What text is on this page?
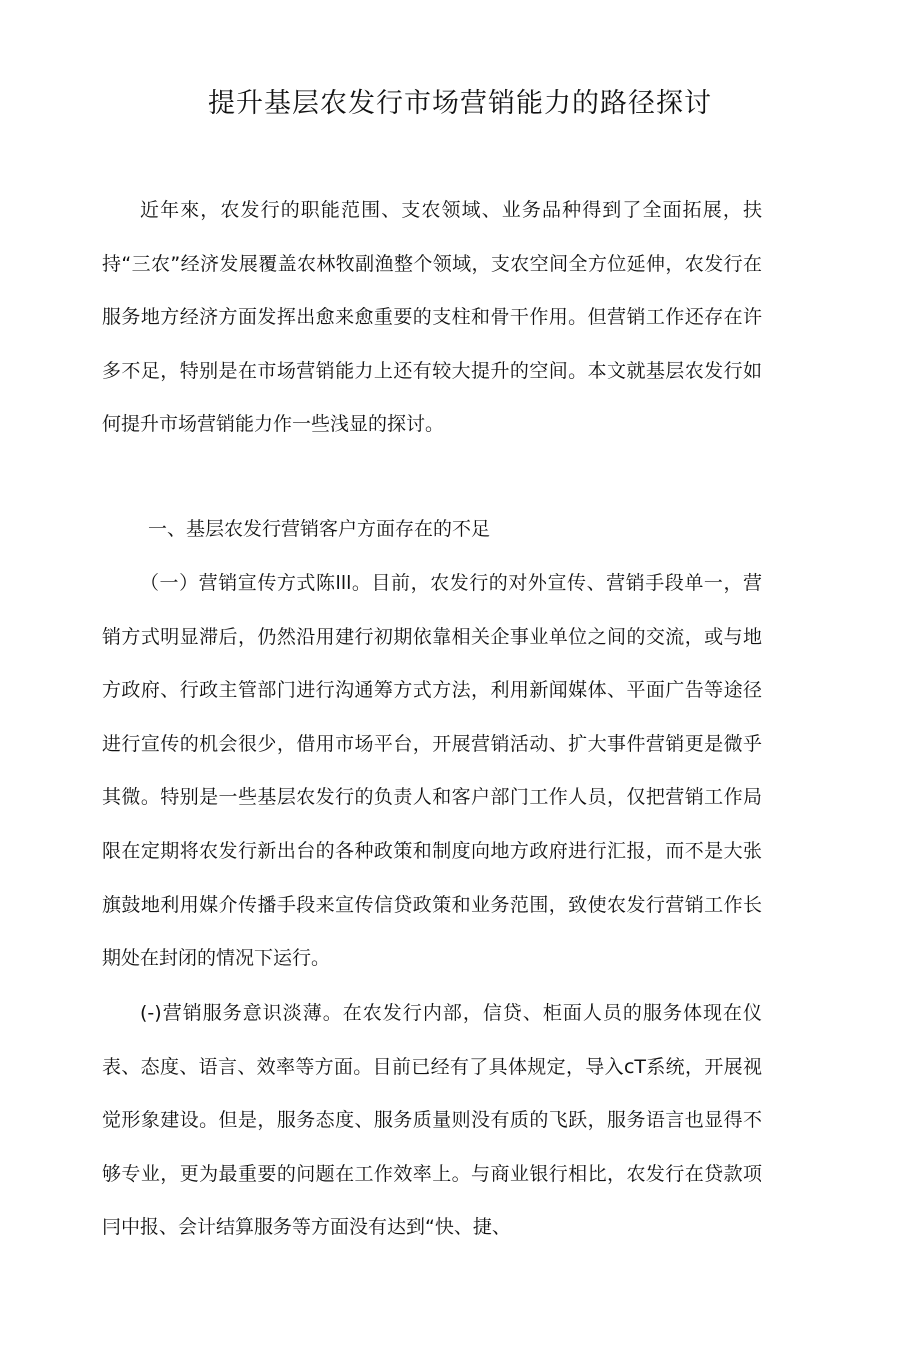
提升基层农发行市场营销能力的路径探讨

近年來，农发行的职能范围、支农领域、业务品种得到了全面拓展，扶持“三农”经济发展覆盖农林牧副渔整个领域，支农空间全方位延伸，农发行在服务地方经济方面发挥出愈来愈重要的支柱和骨干作用。但营销工作还存在许多不足，特别是在市场营销能力上还有较大提升的空间。本文就基层农发行如何提升市场营销能力作一些浅显的探讨。

一、基层农发行营销客户方面存在的不足

（一）营销宣传方式陈lll。目前，农发行的对外宣传、营销手段单一，营销方式明显滞后，仍然沿用建行初期依靠相关企事业单位之间的交流，或与地方政府、行政主管部门进行沟通筹方式方法，利用新闻媒体、平面广告等途径进行宣传的机会很少，借用市场平台，开展营销活动、扩大事件营销更是微乎其微。特别是一些基层农发行的负责人和客户部门工作人员，仅把营销工作局限在定期将农发行新出台的各种政策和制度向地方政府进行汇报，而不是大张旗鼓地利用媒介传播手段来宣传信贷政策和业务范围，致使农发行营销工作长期处在封闭的情况下运行。

(-)营销服务意识淡薄。在农发行内部，信贷、柜面人员的服务体现在仪表、态度、语言、效率等方面。目前已经有了具体规定，导入cT系统，开展视觉形象建设。但是，服务态度、服务质量则没有质的飞跃，服务语言也显得不够专业，更为最重要的问题在工作效率上。与商业银行相比，农发行在贷款项冃中报、会计结算服务等方面没有达到“快、捷、
